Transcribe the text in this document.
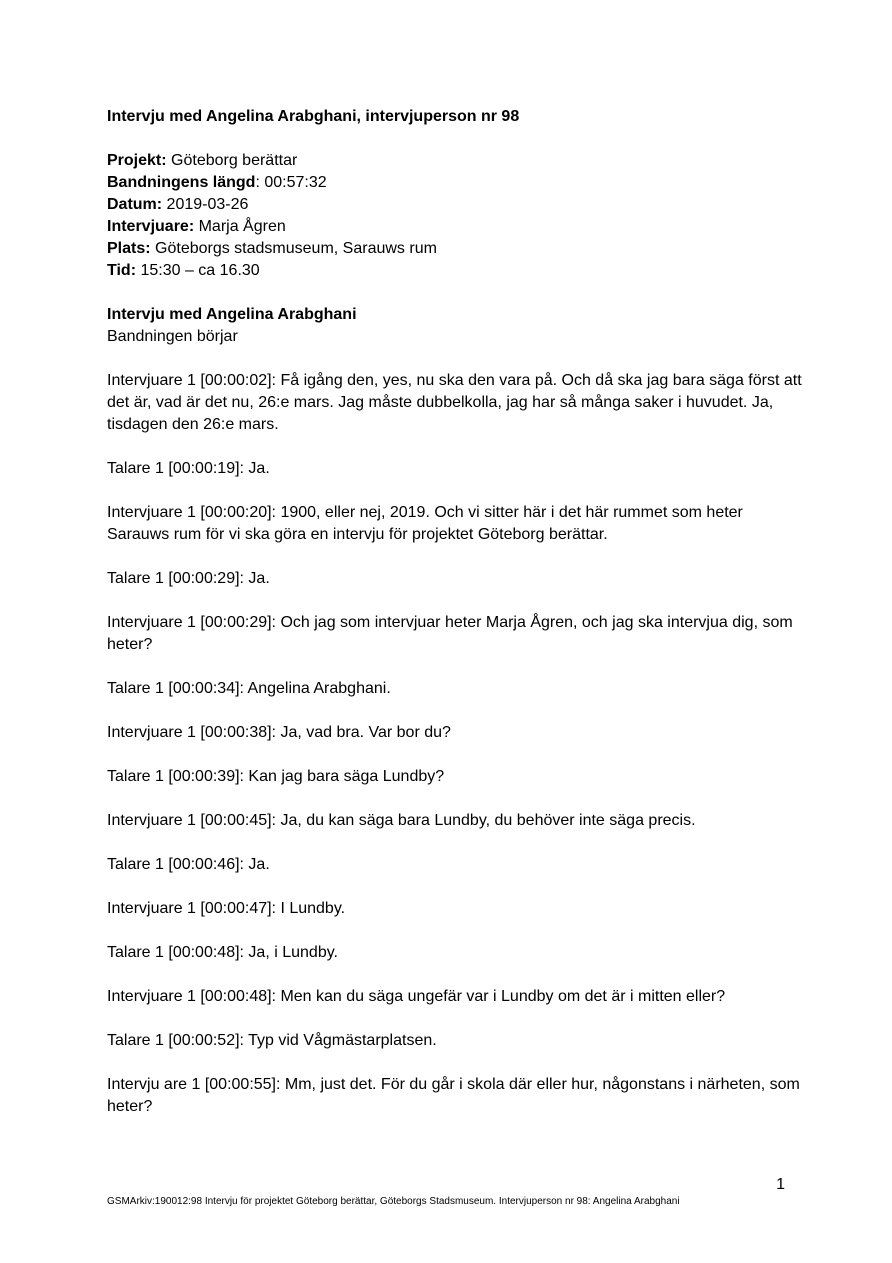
Intervju med Angelina Arabghani, intervjuperson nr 98
Projekt: Göteborg berättar
Bandningens längd: 00:57:32
Datum: 2019-03-26
Intervjuare: Marja Ågren
Plats: Göteborgs stadsmuseum, Sarauws rum
Tid: 15:30 – ca 16.30
Intervju med Angelina Arabghani
Bandningen börjar
Intervjuare 1 [00:00:02]: Få igång den, yes, nu ska den vara på. Och då ska jag bara säga först att det är, vad är det nu, 26:e mars. Jag måste dubbelkolla, jag har så många saker i huvudet. Ja, tisdagen den 26:e mars.
Talare 1 [00:00:19]: Ja.
Intervjuare 1 [00:00:20]: 1900, eller nej, 2019. Och vi sitter här i det här rummet som heter Sarauws rum för vi ska göra en intervju för projektet Göteborg berättar.
Talare 1 [00:00:29]: Ja.
Intervjuare 1 [00:00:29]: Och jag som intervjuar heter Marja Ågren, och jag ska intervjua dig, som heter?
Talare 1 [00:00:34]: Angelina Arabghani.
Intervjuare 1 [00:00:38]: Ja, vad bra. Var bor du?
Talare 1 [00:00:39]: Kan jag bara säga Lundby?
Intervjuare 1 [00:00:45]: Ja, du kan säga bara Lundby, du behöver inte säga precis.
Talare 1 [00:00:46]: Ja.
Intervjuare 1 [00:00:47]: I Lundby.
Talare 1 [00:00:48]: Ja, i Lundby.
Intervjuare 1 [00:00:48]: Men kan du säga ungefär var i Lundby om det är i mitten eller?
Talare 1 [00:00:52]: Typ vid Vågmästarplatsen.
Intervju are 1 [00:00:55]: Mm, just det. För du går i skola där eller hur, någonstans i närheten, som heter?
1
GSMArkiv:190012:98 Intervju för projektet Göteborg berättar, Göteborgs Stadsmuseum. Intervjuperson nr 98: Angelina Arabghani
